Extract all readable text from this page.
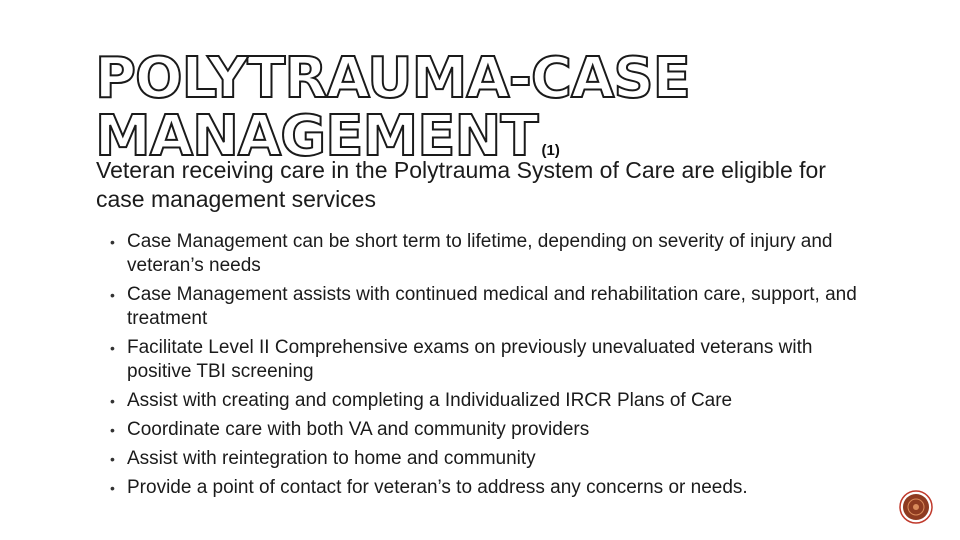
POLYTRAUMA-CASE
MANAGEMENT (1)
Veteran receiving care in the Polytrauma System of Care are eligible for case management services
• Case Management can be short term to lifetime, depending on severity of injury and veteran’s needs
• Case Management assists with continued medical and rehabilitation care, support, and treatment
• Facilitate Level II Comprehensive exams on previously unevaluated veterans with positive TBI screening
• Assist with creating and completing a Individualized IRCR Plans of Care
• Coordinate care with both VA and community providers
• Assist with reintegration to home and community
• Provide a point of contact for veteran’s to address any concerns or needs.
